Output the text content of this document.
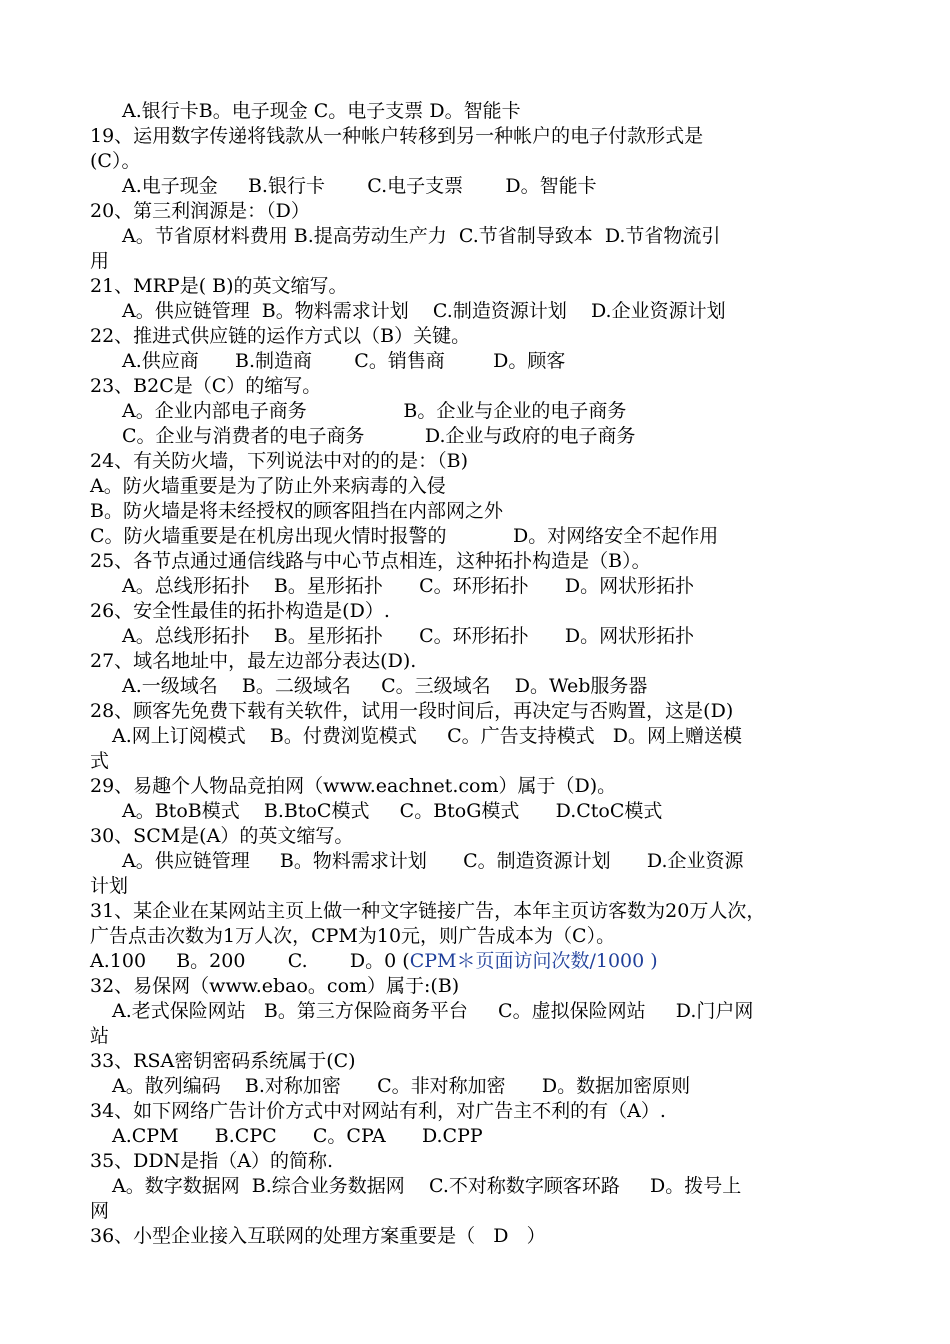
A.银行卡B。电子现金 C。电子支票 D。智能卡
19、运用数字传递将钱款从一种帐户转移到另一种帐户的电子付款形式是
(C）。
A.电子现金     B.银行卡       C.电子支票       D。智能卡
20、第三利润源是：（D）
A。节省原材料费用 B.提高劳动生产力  C.节省制导致本  D.节省物流引
用
21、MRP是( B)的英文缩写。
A。供应链管理  B。物料需求计划    C.制造资源计划    D.企业资源计划
22、推进式供应链的运作方式以（B）关键。
A.供应商      B.制造商       C。销售商        D。顾客
23、B2C是（C）的缩写。
A。企业内部电子商务                B。企业与企业的电子商务
C。企业与消费者的电子商务          D.企业与政府的电子商务
24、有关防火墙，下列说法中对的的是：（B)
A。防火墙重要是为了防止外来病毒的入侵
B。防火墙是将未经授权的顾客阻挡在内部网之外
C。防火墙重要是在机房出现火情时报警的           D。对网络安全不起作用
25、各节点通过通信线路与中心节点相连，这种拓扑构造是（B）。
A。总线形拓扑    B。星形拓扑      C。环形拓扑      D。网状形拓扑
26、安全性最佳的拓扑构造是(D）.
A。总线形拓扑    B。星形拓扑      C。环形拓扑      D。网状形拓扑
27、域名地址中，最左边部分表达(D).
A.一级域名    B。二级域名     C。三级域名    D。Web服务器
28、顾客先免费下载有关软件，试用一段时间后，再决定与否购置，这是(D)
A.网上订阅模式    B。付费浏览模式     C。广告支持模式   D。网上赠送模
式
29、易趣个人物品竞拍网（www.eachnet.com）属于（D)。
A。BtoB模式    B.BtoC模式     C。BtoG模式      D.CtoC模式
30、SCM是(A）的英文缩写。
A。供应链管理     B。物料需求计划      C。制造资源计划      D.企业资源
计划
31、某企业在某网站主页上做一种文字链接广告，本年主页访客数为20万人次，
广告点击次数为1万人次，CPM为10元，则广告成本为（C）。
A.100     B。200       C.       D。0 (CPM＊页面访问次数/1000 )
32、易保网（www.ebao。com）属于:(B)
A.老式保险网站   B。第三方保险商务平台     C。虚拟保险网站     D.门户网
站
33、RSA密钥密码系统属于(C)
A。散列编码    B.对称加密      C。非对称加密      D。数据加密原则
34、如下网络广告计价方式中对网站有利，对广告主不利的有（A）.
A.CPM      B.CPC      C。CPA      D.CPP
35、DDN是指（A）的简称.
A。数字数据网  B.综合业务数据网    C.不对称数字顾客环路     D。拨号上
网
36、小型企业接入互联网的处理方案重要是（   D   ）
